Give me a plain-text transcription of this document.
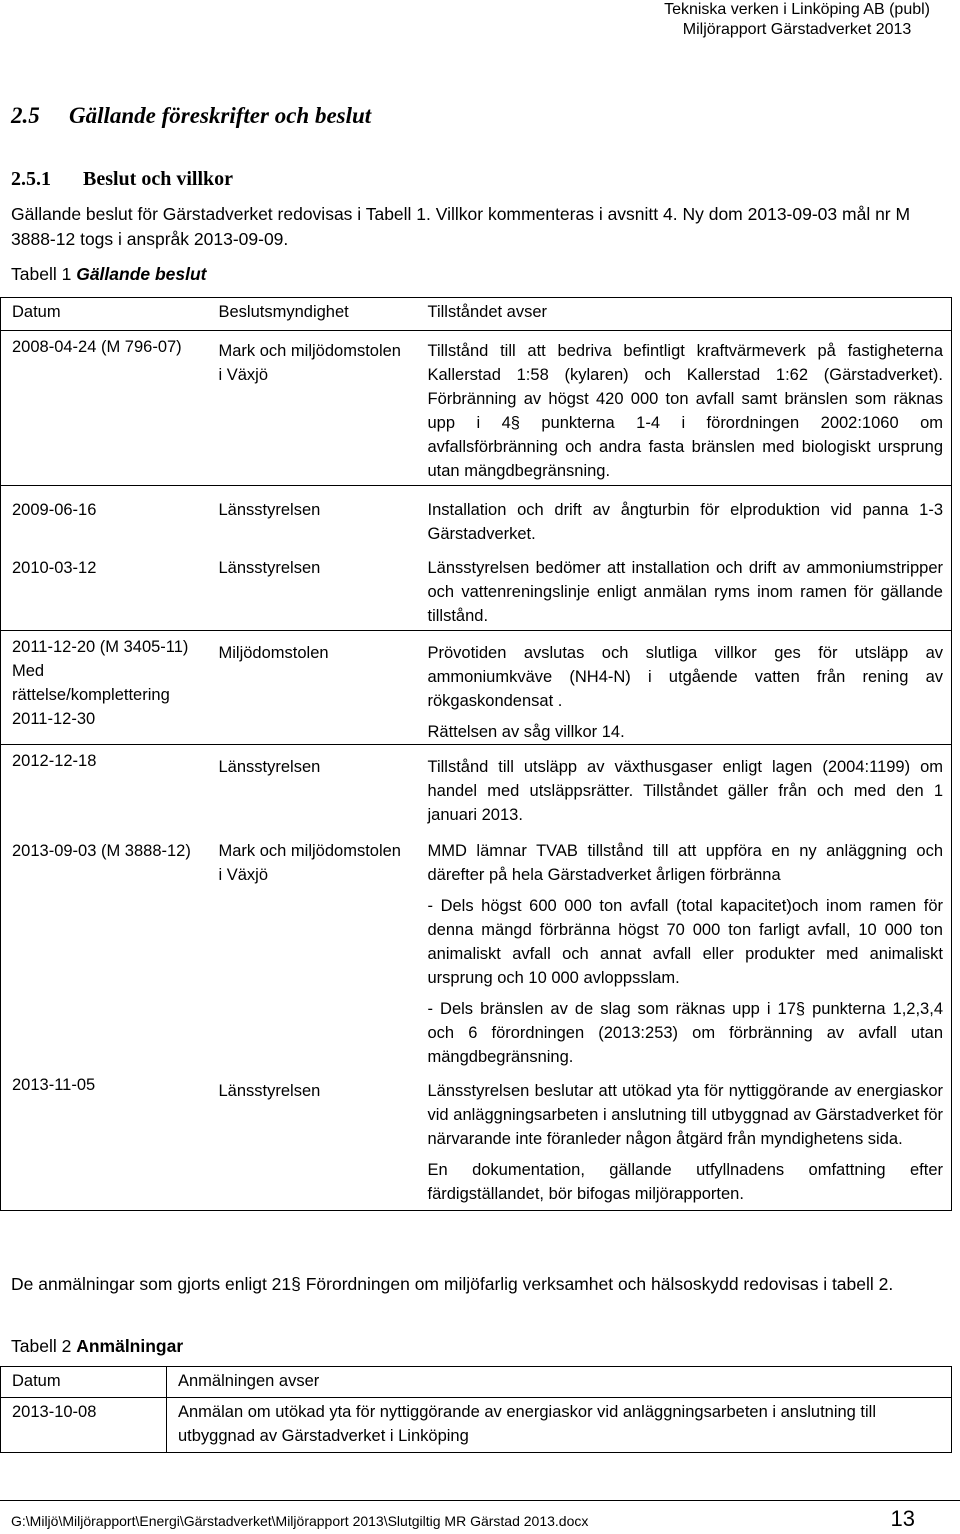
Tekniska verken i Linköping AB (publ)
Miljörapport Gärstadverket 2013
2.5 Gällande föreskrifter och beslut
2.5.1 Beslut och villkor
Gällande beslut för Gärstadverket redovisas i Tabell 1. Villkor kommenteras i avsnitt 4. Ny dom 2013-09-03 mål nr M 3888-12 togs i anspråk 2013-09-09.
Tabell 1 Gällande beslut
Datum	Beslutsmyndighet	Tillståndet avser
2008-04-24 (M 796-07)	Mark och miljödomstolen i Växjö	Tillstånd till att bedriva befintligt kraftvärmeverk på fastigheterna Kallerstad 1:58 (kylaren) och Kallerstad 1:62 (Gärstadverket). Förbränning av högst 420 000 ton avfall samt bränslen som räknas upp i 4§ punkterna 1-4 i förordningen 2002:1060 om avfallsförbränning och andra fasta bränslen med biologiskt ursprung utan mängdbegränsning.
2009-06-16	Länsstyrelsen	Installation och drift av ångturbin för elproduktion vid panna 1-3 Gärstadverket.
2010-03-12	Länsstyrelsen	Länsstyrelsen bedömer att installation och drift av ammoniumstripper och vattenreningslinje enligt anmälan ryms inom ramen för gällande tillstånd.
2011-12-20 (M 3405-11) Med rättelse/komplettering 2011-12-30	Miljödomstolen	Prövotiden avslutas och slutliga villkor ges för utsläpp av ammoniumkväve (NH4-N) i utgående vatten från rening av rökgaskondensat .
Rättelsen av såg villkor 14.

2012-12-18	Länsstyrelsen	Tillstånd till utsläpp av växthusgaser enligt lagen (2004:1199) om handel med utsläppsrätter. Tillståndet gäller från och med den 1 januari 2013.
2013-09-03 (M 3888-12)	Mark och miljödomstolen i Växjö	MMD lämnar TVAB tillstånd till att uppföra en ny anläggning och därefter på hela Gärstadverket årligen förbränna
- Dels högst 600 000 ton avfall (total kapacitet)och inom ramen för denna mängd förbränna högst 70 000 ton farligt avfall, 10 000 ton animaliskt avfall och annat avfall eller produkter med animaliskt ursprung och 10 000 avloppsslam.
- Dels bränslen av de slag som räknas upp i 17§ punkterna 1,2,3,4 och 6 förordningen (2013:253) om förbränning av avfall utan mängdbegränsning.

2013-11-05	Länsstyrelsen	Länsstyrelsen beslutar att utökad yta för nyttiggörande av energiaskor vid anläggningsarbeten i anslutning till utbyggnad av Gärstadverket för närvarande inte föranleder någon åtgärd från myndighetens sida.
En dokumentation, gällande utfyllnadens omfattning efter färdigställandet, bör bifogas miljörapporten.
De anmälningar som gjorts enligt 21§ Förordningen om miljöfarlig verksamhet och hälsoskydd redovisas i tabell 2.
Tabell 2 Anmälningar
Datum	Anmälningen avser
2013-10-08	Anmälan om utökad yta för nyttiggörande av energiaskor vid anläggningsarbeten i anslutning till utbyggnad av Gärstadverket i Linköping
G:\Miljö\Miljörapport\Energi\Gärstadverket\Miljörapport 2013\Slutgiltig MR Gärstad 2013.docx	13
